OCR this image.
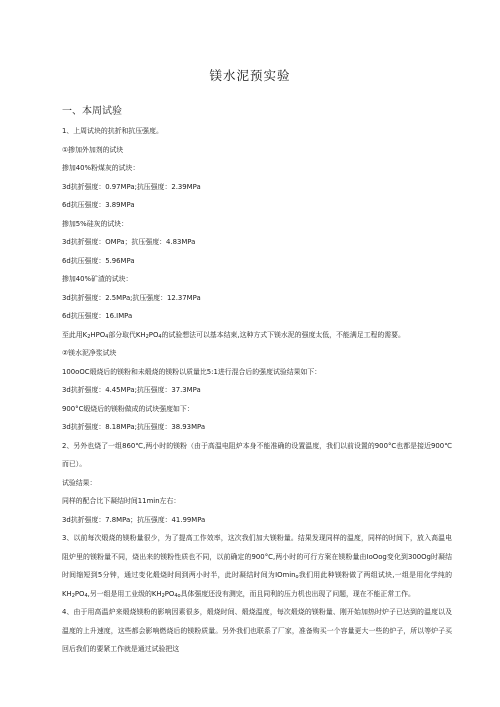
镁水泥预实验
一、本周试验
1、上周试块的抗折和抗压强度。
①掺加外加剂的试块
掺加40%粉煤灰的试块：
3d抗折强度：0.97MPa;抗压强度：2.39MPa
6d抗压强度：3.89MPa
掺加5%硅灰的试块：
3d抗折强度：OMPa；抗压强度：4.83MPa
6d抗压强度：5.96MPa
掺加40%矿渣的试块：
3d抗折强度：2.5MPa;抗压强度：12.37MPa
6d抗压强度：16.IMPa
至此用$K_2HPO_4$部分取代$KH_2PO_4$的试验想法可以基本结束,这种方式下镁水泥的强度太低，不能满足工程的需要。
②镁水泥净浆试块
100oOC煅烧后的镁粉和未煅烧的镁粉以质量比5:1进行混合后的强度试验结果如下：
3d抗折强度：4.45MPa;抗压强度：37.3MPa
900°C煅烧后的镁粉做成的试块强度如下：
3d抗折强度：8.18MPa;抗压强度：38.93MPa
2、另外也烧了一组860℃,两小时的镁粉（由于高温电阻炉本身不能准确的设置温度，我们以前设置的900°C也都是接近900℃而已）。
试验结果：
同样的配合比下凝结时间11min左右：
3d抗折强度：7.8MPa；抗压强度：41.99MPa
3、以前每次煅烧的镁粉量很少，为了提高工作效率，这次我们加大镁粉量。结果发现同样的温度，同样的时间下，放入高温电阻炉里的镁粉量不同，烧出来的镁粉性质也不同，以前确定的900°C,两小时的可行方案在镁粉量由IoOog变化到300Og时凝结时间缩短到5分钟，通过变化煅烧时间到两小时半，此时凝结时间为IOmin$_o$我们用此种镁粉做了两组试块,一组是用化学纯的$KH_2PO_4$,另一组是用工业级的$KH_2PO_{4o}$具体强度还没有测完，而且同利的压力机也出现了问题，现在不能正常工作。
4、由于用高温炉来煅烧镁粉的影响因素很多，煅烧时间、煅烧温度，每次煅烧的镁粉量、刚开始加热时炉子已达到的温度以及温度的上升速度，这些都会影响燃烧后的镁粉质量。另外我们也联系了厂家，准备购买一个容量更大一些的炉子，所以等炉子买回后我们的要紧工作就是通过试验把这
